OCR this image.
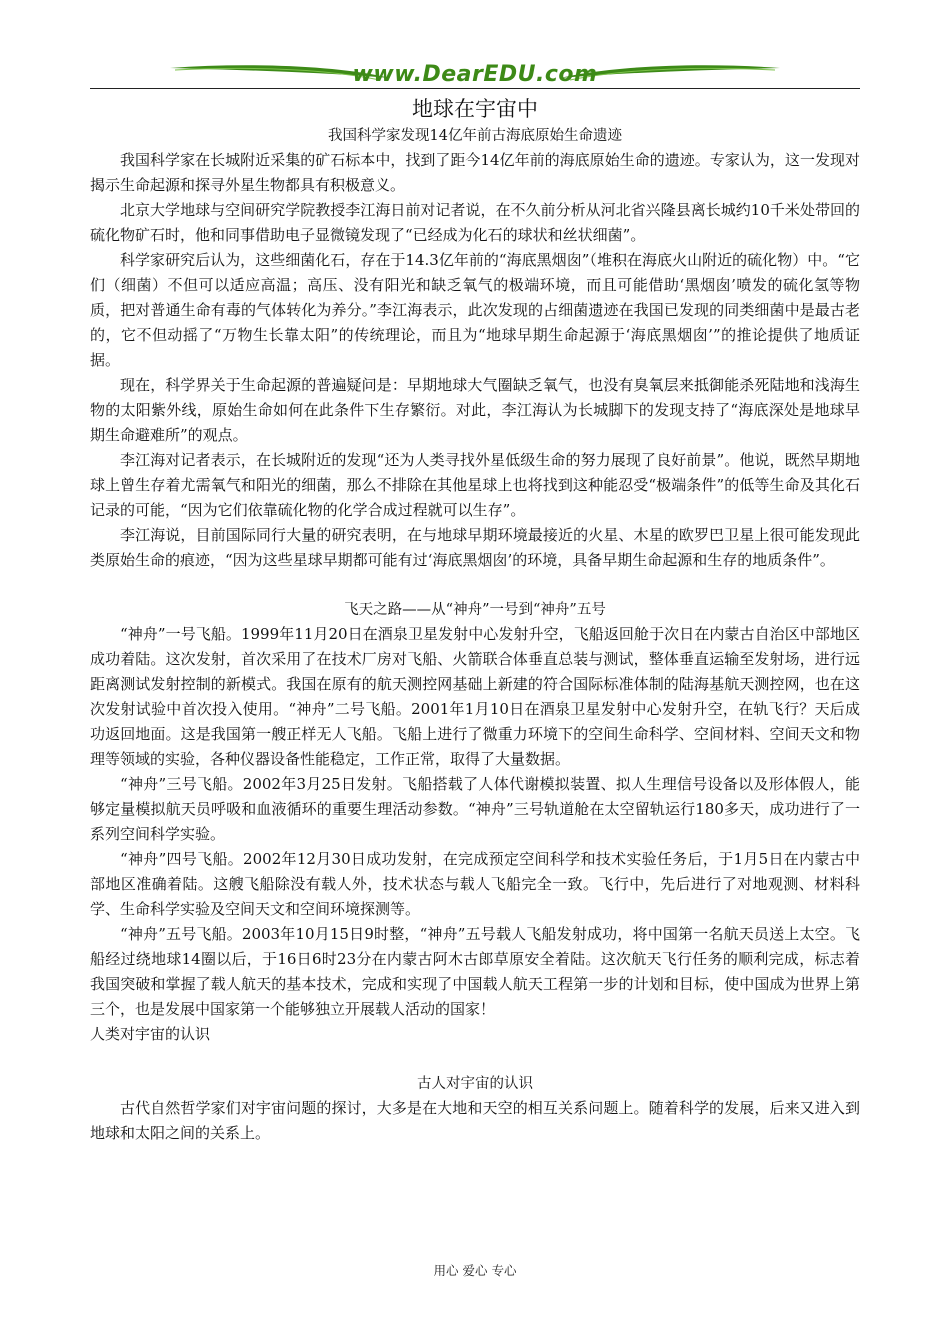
www.DearEDU.com
地球在宇宙中
我国科学家发现14亿年前古海底原始生命遗迹

我国科学家在长城附近采集的矿石标本中，找到了距今14亿年前的海底原始生命的遗迹。专家认为，这一发现对揭示生命起源和探寻外星生物都具有积极意义。

北京大学地球与空间研究学院教授李江海日前对记者说，在不久前分析从河北省兴隆县离长城约10千米处带回的硫化物矿石时，他和同事借助电子显微镜发现了“已经成为化石的球状和丝状细菌”。

科学家研究后认为，这些细菌化石，存在于14.3亿年前的“海底黑烟囱”（堆积在海底火山附近的硫化物）中。“它们（细菌）不但可以适应高温；高压、没有阳光和缺乏氧气的极端环境，而且可能借助‘黑烟囱’喷发的硫化氢等物质，把对普通生命有毒的气体转化为养分。”李江海表示，此次发现的占细菌遗迹在我国已发现的同类细菌中是最古老的，它不但动摇了“万物生长靠太阳”的传统理论，而且为“地球早期生命起源于‘海底黑烟囱’”的推论提供了地质证据。

现在，科学界关于生命起源的普遍疑问是：早期地球大气圈缺乏氧气，也没有臭氧层来抵御能杀死陆地和浅海生物的太阳紫外线，原始生命如何在此条件下生存繁衍。对此，李江海认为长城脚下的发现支持了“海底深处是地球早期生命避难所”的观点。

李江海对记者表示，在长城附近的发现“还为人类寻找外星低级生命的努力展现了良好前景”。他说，既然早期地球上曾生存着尤需氧气和阳光的细菌，那么不排除在其他星球上也将找到这种能忍受“极端条件”的低等生命及其化石记录的可能，“因为它们依靠硫化物的化学合成过程就可以生存”。

李江海说，目前国际同行大量的研究表明，在与地球早期环境最接近的火星、木星的欧罗巴卫星上很可能发现此类原始生命的痕迹，“因为这些星球早期都可能有过‘海底黑烟囱’的环境，具备早期生命起源和生存的地质条件”。

飞天之路——从“神舟”一号到“神舟”五号

“神舟”一号飞船。1999年11月20日在酒泉卫星发射中心发射升空，飞船返回舱于次日在内蒙古自治区中部地区成功着陆。这次发射，首次采用了在技术厂房对飞船、火箭联合体垂直总装与测试，整体垂直运输至发射场，进行远距离测试发射控制的新模式。我国在原有的航天测控网基础上新建的符合国际标准体制的陆海基航天测控网，也在这次发射试验中首次投入使用。“神舟”二号飞船。2001年1月10日在酒泉卫星发射中心发射升空，在轨飞行？天后成功返回地面。这是我国第一艘正样无人飞船。飞船上进行了微重力环境下的空间生命科学、空间材料、空间天文和物理等领域的实验，各种仪器设备性能稳定，工作正常，取得了大量数据。

“神舟”三号飞船。2002年3月25日发射。飞船搭载了人体代谢模拟装置、拟人生理信号设备以及形体假人，能够定量模拟航天员呼吸和血液循环的重要生理活动参数。“神舟”三号轨道舱在太空留轨运行180多天，成功进行了一系列空间科学实验。

“神舟”四号飞船。2002年12月30日成功发射，在完成预定空间科学和技术实验任务后，于1月5日在内蒙古中部地区准确着陆。这艘飞船除没有载人外，技术状态与载人飞船完全一致。飞行中，先后进行了对地观测、材料科学、生命科学实验及空间天文和空间环境探测等。

“神舟”五号飞船。2003年10月15日9时整，“神舟”五号载人飞船发射成功，将中国第一名航天员送上太空。飞船经过绕地球14圈以后，于16日6时23分在内蒙古阿木古郎草原安全着陆。这次航天飞行任务的顺利完成，标志着我国突破和掌握了载人航天的基本技术，完成和实现了中国载人航天工程第一步的计划和目标，使中国成为世界上第三个，也是发展中国家第一个能够独立开展载人活动的国家！

人类对宇宙的认识
古人对宇宙的认识

古代自然哲学家们对宇宙问题的探讨，大多是在大地和天空的相互关系问题上。随着科学的发展，后来又进入到地球和太阳之间的关系上。

用心 爱心 专心
